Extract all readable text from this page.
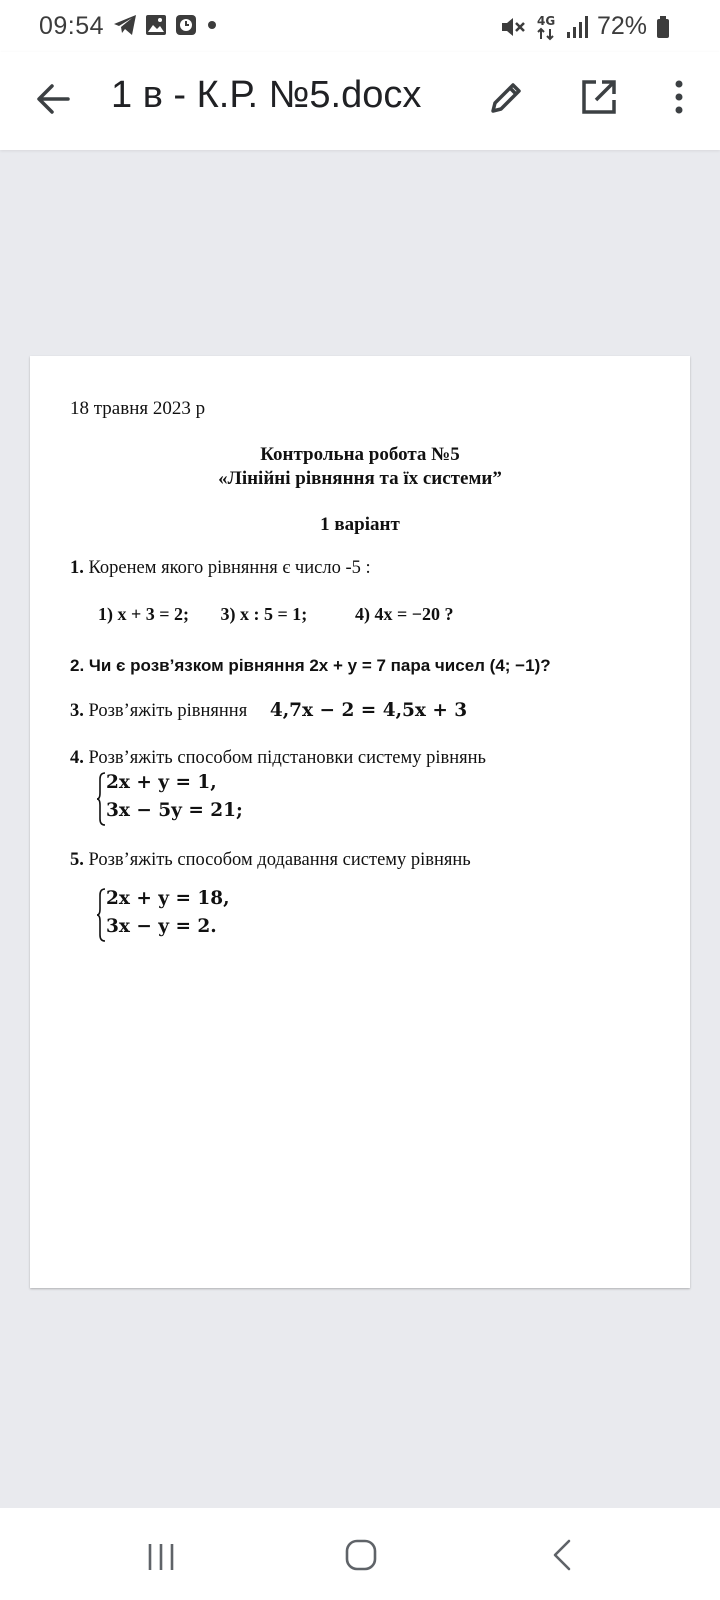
09:54	4G 72%
1 в - К.Р. №5.docx
18 травня 2023 р
Контрольна робота №5
«Лінійні рівняння та їх системи”
1 варіант
1. Коренем якого рівняння є число -5 :
1) x + 3 = 2; 3) x : 5 = 1;	4) 4x = −20 ?
2. Чи є розв’язком рівняння 2x + y = 7 пара чисел (4; −1)?
3. Розв’яжіть рівняння 4,7x − 2 = 4,5x + 3
4. Розв’яжіть способом підстановки систему рівнянь
2x + y = 1,
3x − 5y = 21;
5. Розв’яжіть способом додавання систему рівнянь
2x + y = 18,
3x − y = 2.
